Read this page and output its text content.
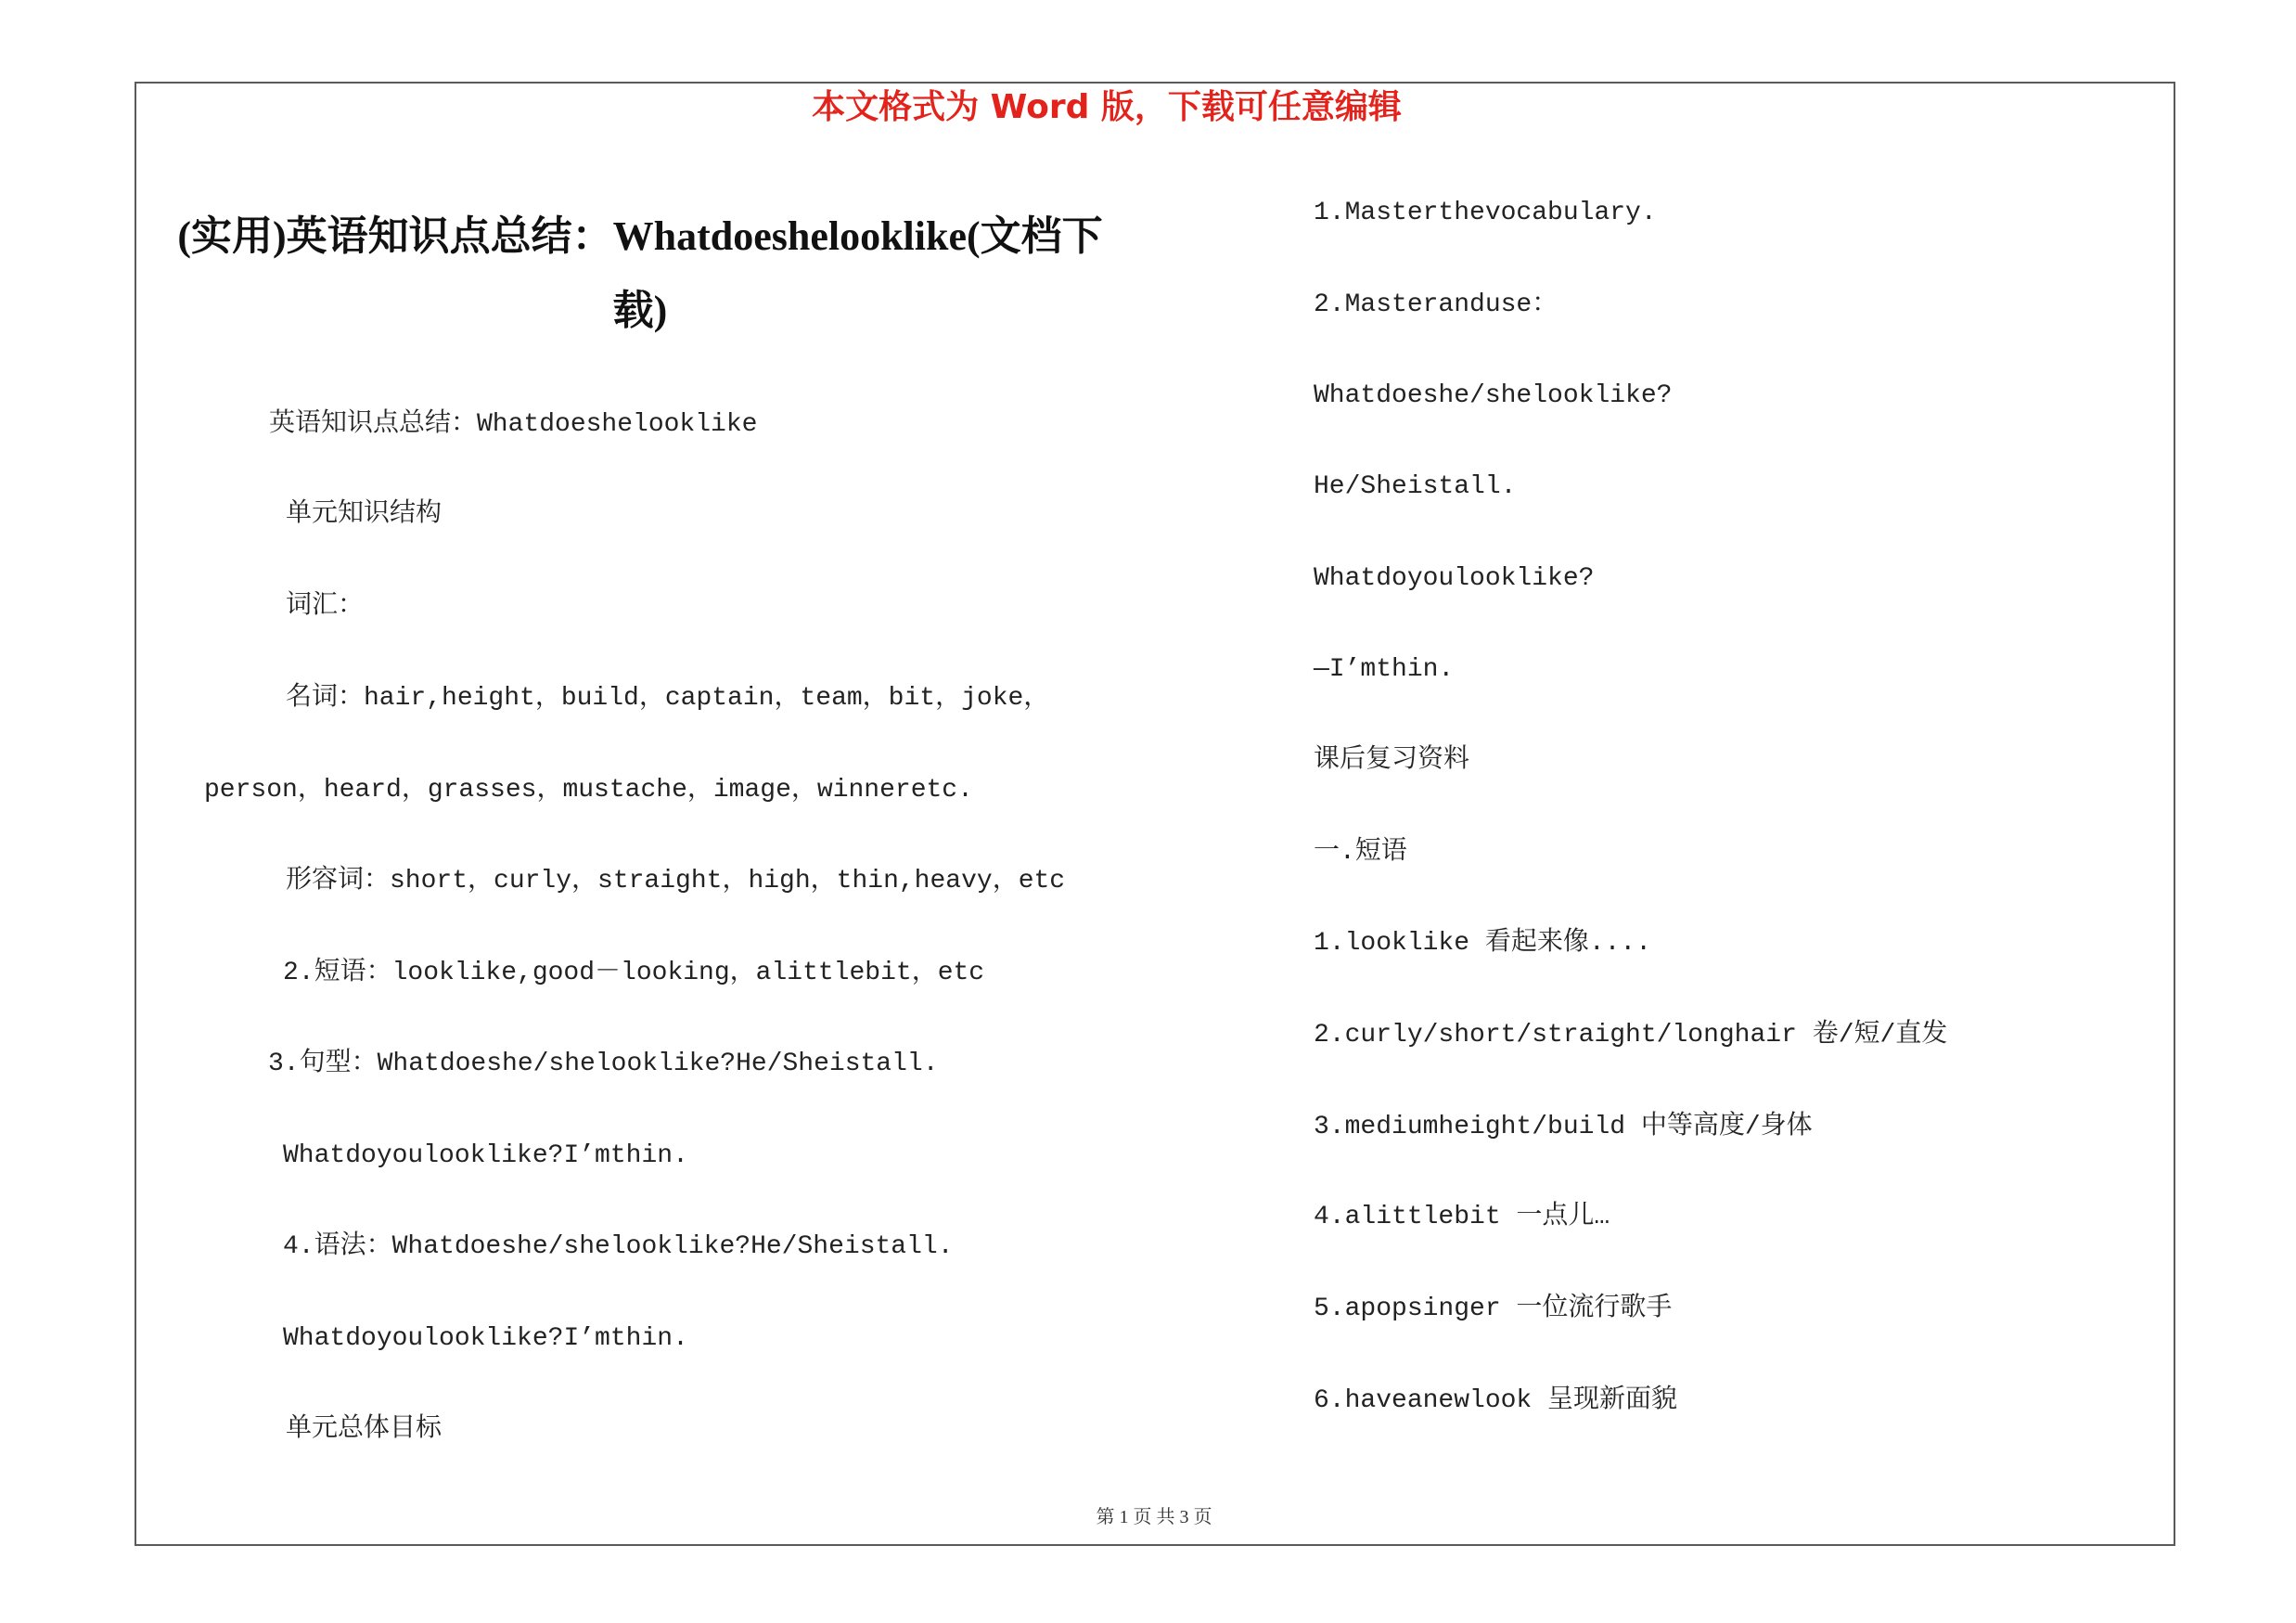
本文格式为 Word 版，下载可任意编辑
(实用)英语知识点总结：Whatdoeshelooklike(文档下
载)
英语知识点总结：Whatdoeshelooklike
单元知识结构
词汇：
名词：hair,height，build，captain，team，bit，joke，
person，heard，grasses，mustache，image，winneretc.
形容词：short，curly，straight，high，thin,heavy，etc
2.短语：looklike,good－looking，alittlebit，etc
3.句型：Whatdoeshe/shelooklike?He/Sheistall.
Whatdoyoulooklike?I’mthin.
4.语法：Whatdoeshe/shelooklike?He/Sheistall.
Whatdoyoulooklike?I’mthin.
单元总体目标
1.Masterthevocabulary.
2.Masteranduse：
Whatdoeshe/shelooklike?
He/Sheistall.
Whatdoyoulooklike?
—I’mthin.
课后复习资料
一.短语
1.looklike 看起来像....
2.curly/short/straight/longhair 卷/短/直发
3.mediumheight/build 中等高度/身体
4.alittlebit 一点儿…
5.apopsinger 一位流行歌手
6.haveanewlook 呈现新面貌
第 1 页 共 3 页
